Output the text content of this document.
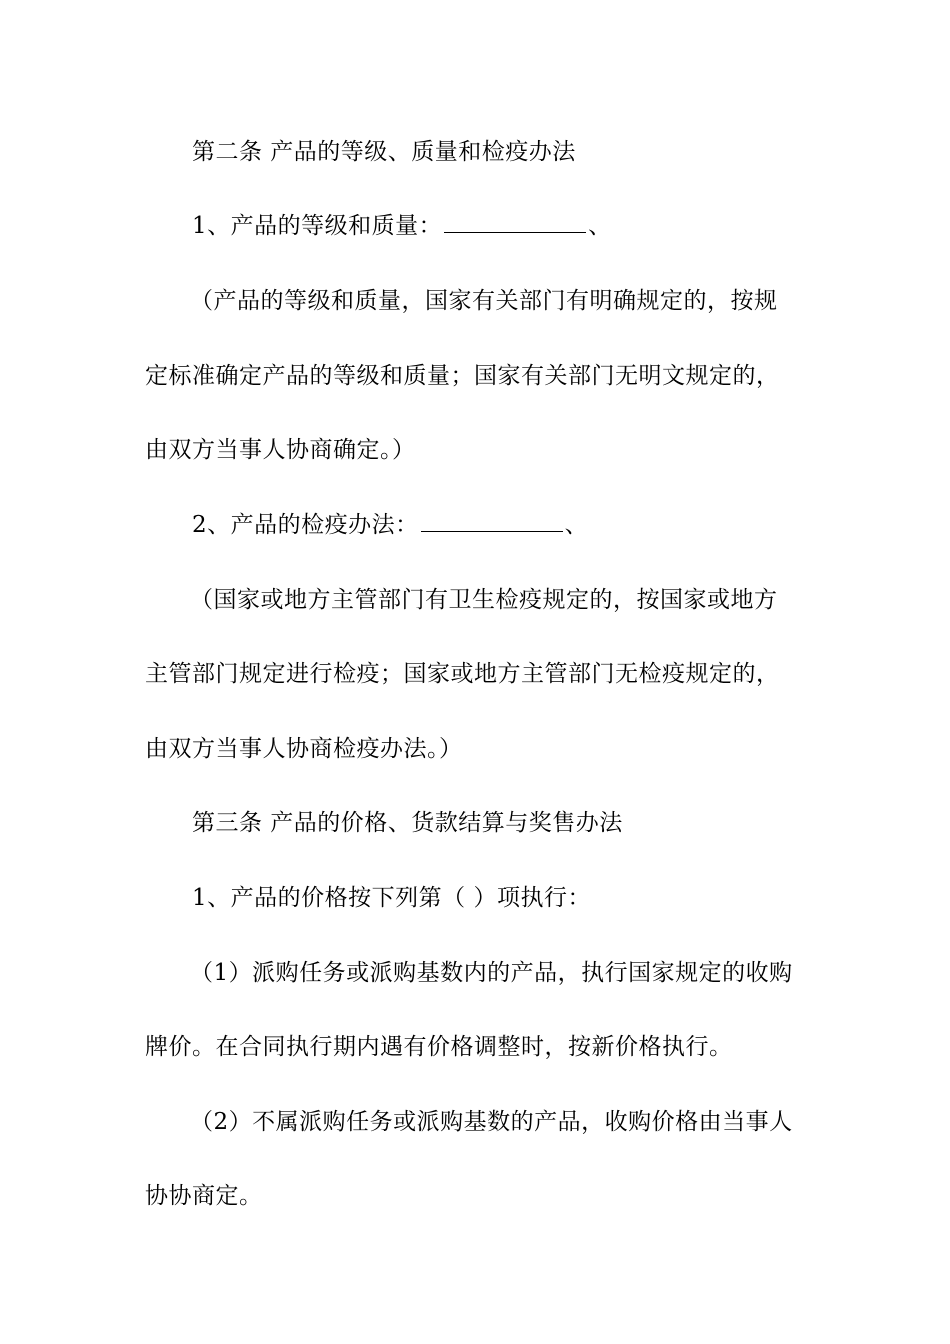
第二条 产品的等级、质量和检疫办法
1、产品的等级和质量：	、
（产品的等级和质量，国家有关部门有明确规定的，按规
定标准确定产品的等级和质量；国家有关部门无明文规定的，
由双方当事人协商确定。）
2、产品的检疫办法：	、
（国家或地方主管部门有卫生检疫规定的，按国家或地方
主管部门规定进行检疫；国家或地方主管部门无检疫规定的，
由双方当事人协商检疫办法。）
第三条 产品的价格、货款结算与奖售办法
1、产品的价格按下列第（ ）项执行：
（1）派购任务或派购基数内的产品，执行国家规定的收购
牌价。在合同执行期内遇有价格调整时，按新价格执行。
（2）不属派购任务或派购基数的产品，收购价格由当事人
协协商定。
